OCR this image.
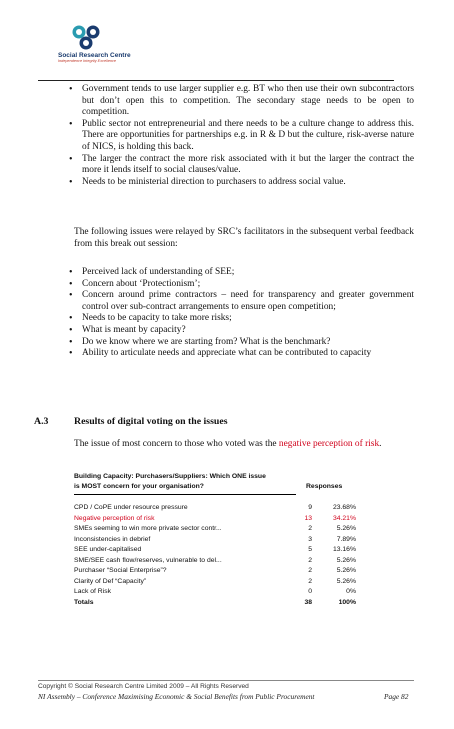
Social Research Centre
Independence Integrity Excellence
• Government tends to use larger supplier e.g. BT who then use their own subcontractors but don’t open this to competition. The secondary stage needs to be open to competition.
• Public sector not entrepreneurial and there needs to be a culture change to address this. There are opportunities for partnerships e.g. in R & D but the culture, risk-averse nature of NICS, is holding this back.
• The larger the contract the more risk associated with it but the larger the contract the more it lends itself to social clauses/value.
• Needs to be ministerial direction to purchasers to address social value.

The following issues were relayed by SRC’s facilitators in the subsequent verbal feedback from this break out session:

• Perceived lack of understanding of SEE;
• Concern about ‘Protectionism’;
• Concern around prime contractors – need for transparency and greater government control over sub-contract arrangements to ensure open competition;
• Needs to be capacity to take more risks;
• What is meant by capacity?
• Do we know where we are starting from? What is the benchmark?
• Ability to articulate needs and appreciate what can be contributed to capacity
A.3	Results of digital voting on the issues

The issue of most concern to those who voted was the negative perception of risk.

Building Capacity: Purchasers/Suppliers: Which ONE issue
is MOST concern for your organisation?	Responses
CPD / CoPE under resource pressure	9	23.68%
Negative perception of risk	13	34.21%
SMEs seeming to win more private sector contr...	2	5.26%
Inconsistencies in debrief	3	7.89%
SEE under-capitalised	5	13.16%
SME/SEE cash flow/reserves, vulnerable to del...	2	5.26%
Purchaser “Social Enterprise”?	2	5.26%
Clarity of Def “Capacity”	2	5.26%
Lack of Risk	0	0%
Totals	38	100%
Copyright © Social Research Centre Limited 2009 – All Rights Reserved
NI Assembly – Conference Maximising Economic & Social Benefits from Public Procurement	Page 82
